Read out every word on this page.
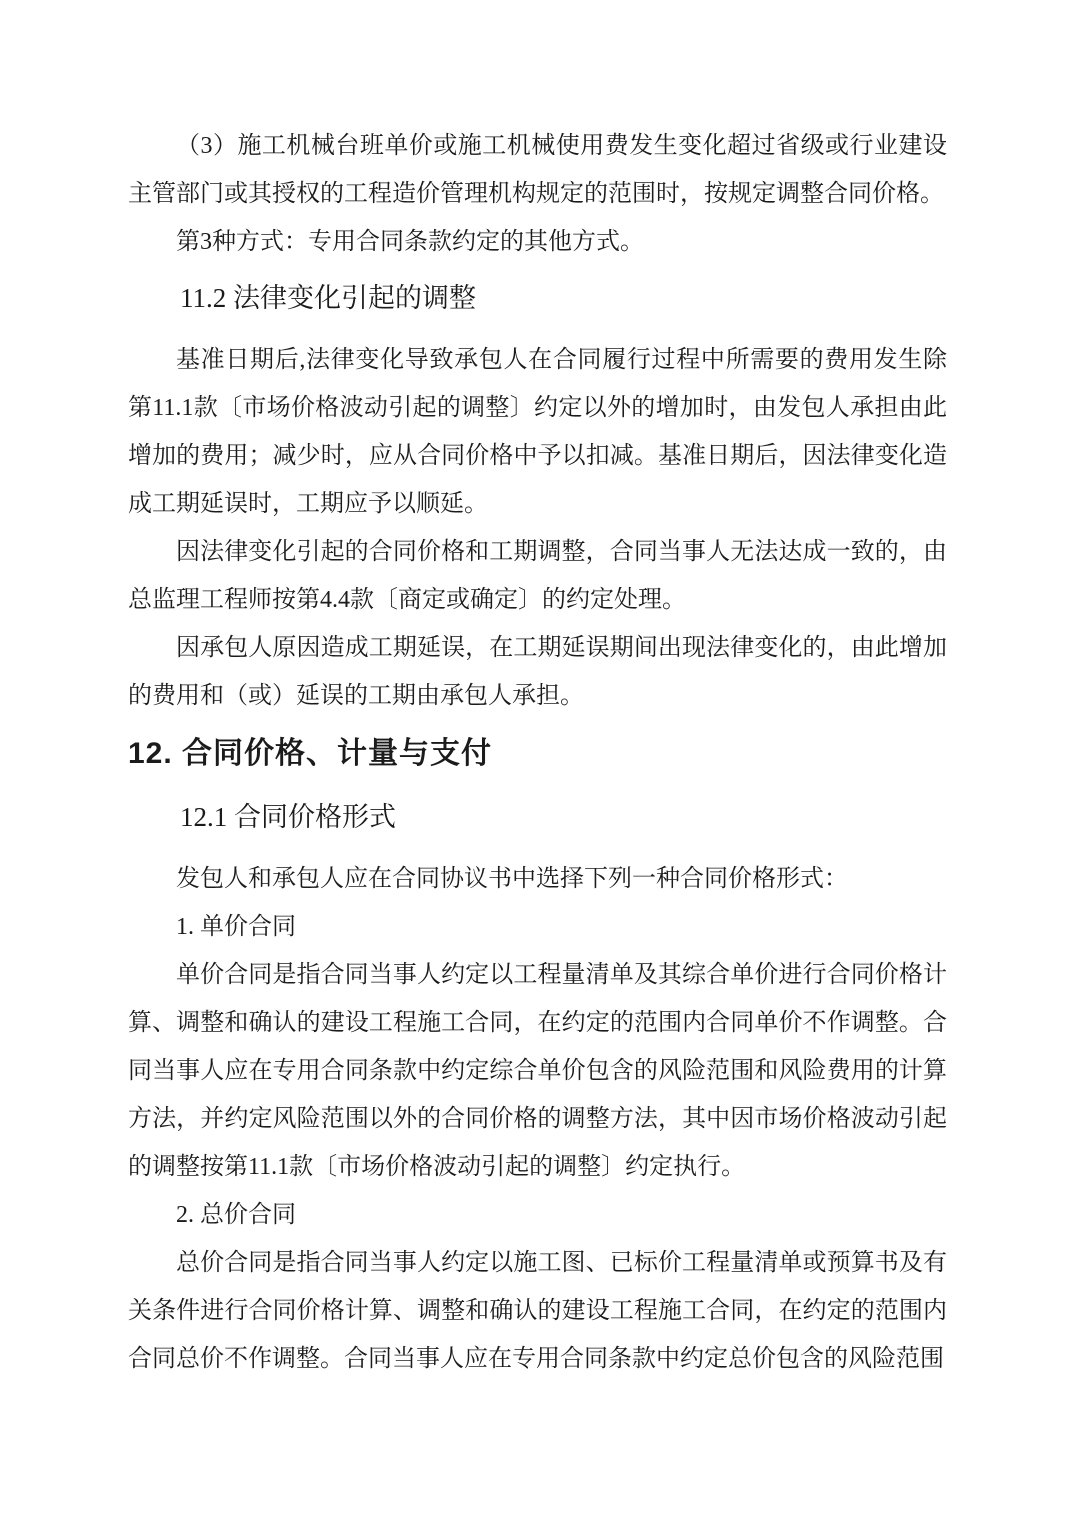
（3）施工机械台班单价或施工机械使用费发生变化超过省级或行业建设主管部门或其授权的工程造价管理机构规定的范围时，按规定调整合同价格。

第3种方式：专用合同条款约定的其他方式。

11.2 法律变化引起的调整

基准日期后,法律变化导致承包人在合同履行过程中所需要的费用发生除第11.1款〔市场价格波动引起的调整〕约定以外的增加时，由发包人承担由此增加的费用；减少时，应从合同价格中予以扣减。基准日期后，因法律变化造成工期延误时，工期应予以顺延。

因法律变化引起的合同价格和工期调整，合同当事人无法达成一致的，由总监理工程师按第4.4款〔商定或确定〕的约定处理。

因承包人原因造成工期延误，在工期延误期间出现法律变化的，由此增加的费用和（或）延误的工期由承包人承担。

12. 合同价格、计量与支付
12.1 合同价格形式

发包人和承包人应在合同协议书中选择下列一种合同价格形式：

1. 单价合同

单价合同是指合同当事人约定以工程量清单及其综合单价进行合同价格计算、调整和确认的建设工程施工合同，在约定的范围内合同单价不作调整。合同当事人应在专用合同条款中约定综合单价包含的风险范围和风险费用的计算方法，并约定风险范围以外的合同价格的调整方法，其中因市场价格波动引起的调整按第11.1款〔市场价格波动引起的调整〕约定执行。

2. 总价合同

总价合同是指合同当事人约定以施工图、已标价工程量清单或预算书及有关条件进行合同价格计算、调整和确认的建设工程施工合同，在约定的范围内合同总价不作调整。合同当事人应在专用合同条款中约定总价包含的风险范围
